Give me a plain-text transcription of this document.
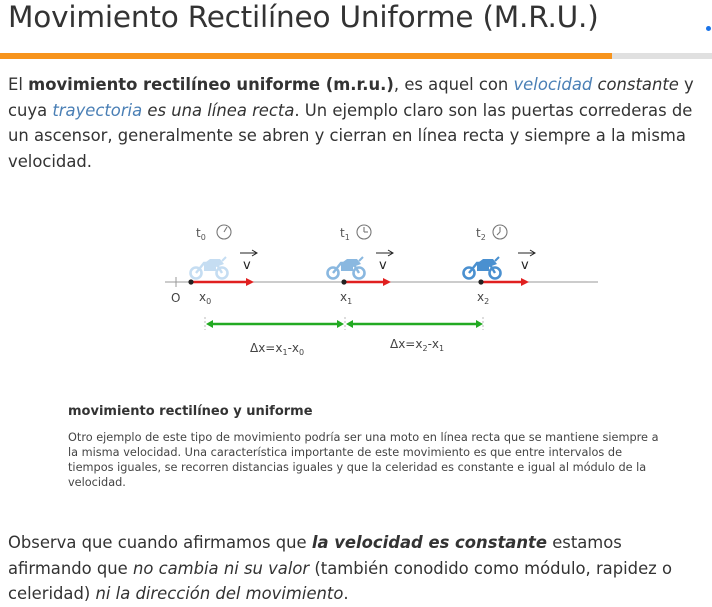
Movimiento Rectilíneo Uniforme (M.R.U.)

El movimiento rectilíneo uniforme (m.r.u.), es aquel con velocidad constante y cuya trayectoria es una línea recta. Un ejemplo claro son las puertas correderas de un ascensor, generalmente se abren y cierran en línea recta y siempre a la misma velocidad.

$t_0$	$t_1$	$t_2$
v	v	v
O $x_0$	$x_1$	$x_2$
$\Delta x=x_1-x_0$
$\Delta x=x_2-x_1$

movimiento rectilíneo y uniforme

Otro ejemplo de este tipo de movimiento podría ser una moto en línea recta que se mantiene siempre a la misma velocidad. Una característica importante de este movimiento es que entre intervalos de tiempos iguales, se recorren distancias iguales y que la celeridad es constante e igual al módulo de la velocidad.

Observa que cuando afirmamos que la velocidad es constante estamos afirmando que no cambia ni su valor (también conodido como módulo, rapidez o celeridad) ni la dirección del movimiento.
